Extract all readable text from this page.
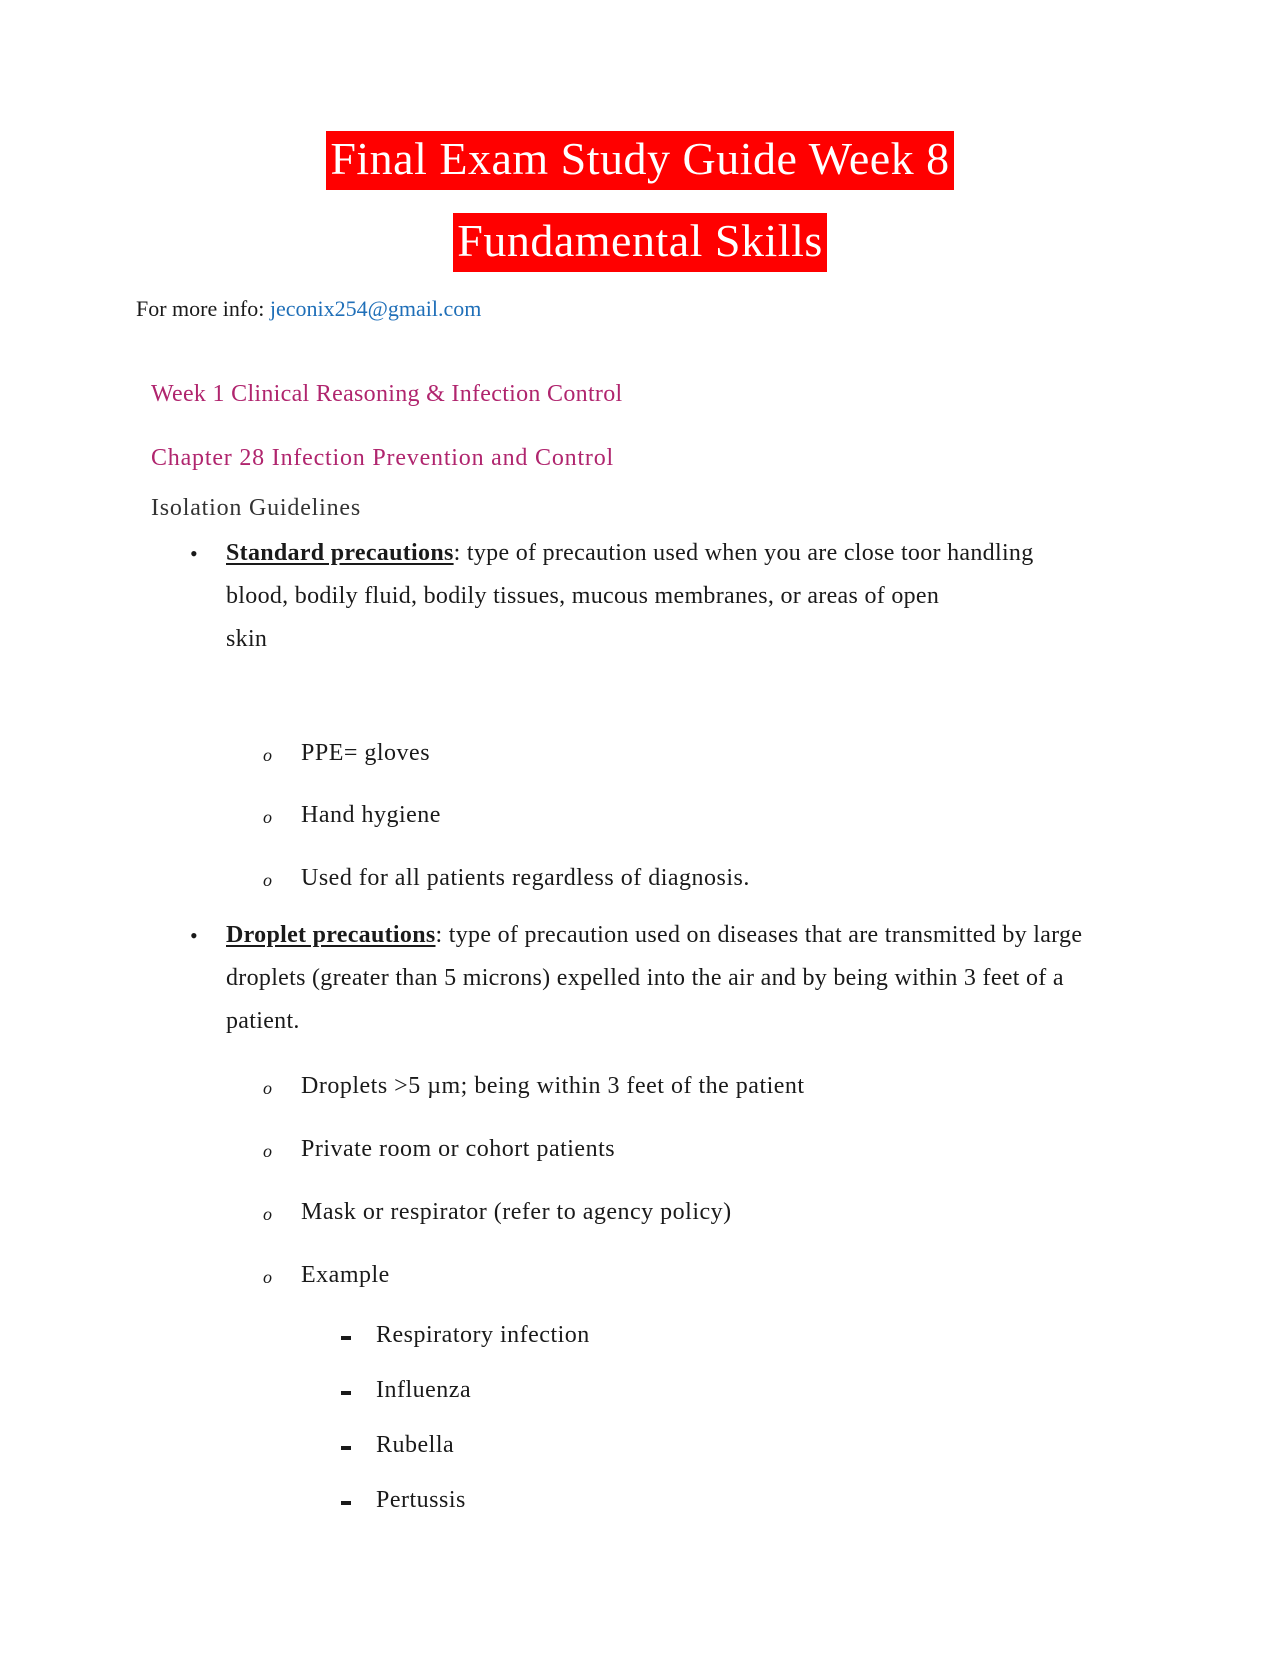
Final Exam Study Guide Week 8
Fundamental Skills
For more info: jeconix254@gmail.com
Week 1 Clinical Reasoning & Infection Control
Chapter 28 Infection Prevention and Control
Isolation Guidelines
• Standard precautions: type of precaution used when you are close toor handling blood, bodily fluid, bodily tissues, mucous membranes, or areas of open
skin
o PPE= gloves
o Hand hygiene
o Used for all patients regardless of diagnosis.
• Droplet precautions: type of precaution used on diseases that are transmitted by large droplets (greater than 5 microns) expelled into the air and by being within 3 feet of a patient.
o Droplets >5 µm; being within 3 feet of the patient
o Private room or cohort patients
o Mask or respirator (refer to agency policy)
o Example
Respiratory infection
Influenza
Rubella
Pertussis
